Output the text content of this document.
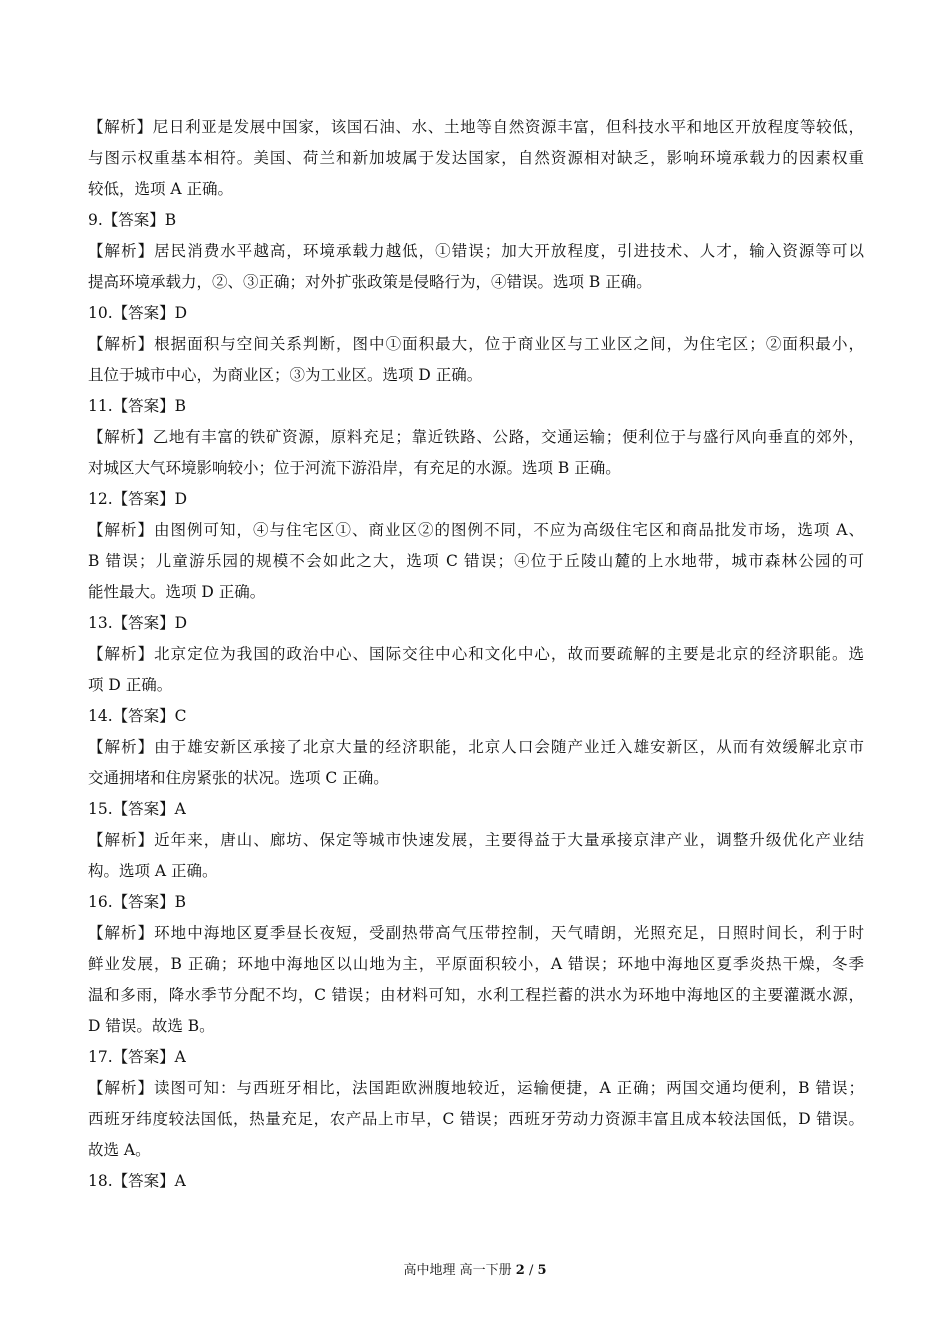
【解析】尼日利亚是发展中国家，该国石油、水、土地等自然资源丰富，但科技水平和地区开放程度等较低，
与图示权重基本相符。美国、荷兰和新加坡属于发达国家，自然资源相对缺乏，影响环境承载力的因素权重
较低，选项 A 正确。
9.【答案】B
【解析】居民消费水平越高，环境承载力越低，①错误；加大开放程度，引进技术、人才，输入资源等可以
提高环境承载力，②、③正确；对外扩张政策是侵略行为，④错误。选项 B 正确。
10.【答案】D
【解析】根据面积与空间关系判断，图中①面积最大，位于商业区与工业区之间，为住宅区；②面积最小，
且位于城市中心，为商业区；③为工业区。选项 D 正确。
11.【答案】B
【解析】乙地有丰富的铁矿资源，原料充足；靠近铁路、公路，交通运输；便利位于与盛行风向垂直的郊外，
对城区大气环境影响较小；位于河流下游沿岸，有充足的水源。选项 B 正确。
12.【答案】D
【解析】由图例可知，④与住宅区①、商业区②的图例不同，不应为高级住宅区和商品批发市场，选项 A、
B 错误；儿童游乐园的规模不会如此之大，选项 C 错误；④位于丘陵山麓的上水地带，城市森林公园的可
能性最大。选项 D 正确。
13.【答案】D
【解析】北京定位为我国的政治中心、国际交往中心和文化中心，故而要疏解的主要是北京的经济职能。选
项 D 正确。
14.【答案】C
【解析】由于雄安新区承接了北京大量的经济职能，北京人口会随产业迁入雄安新区，从而有效缓解北京市
交通拥堵和住房紧张的状况。选项 C 正确。
15.【答案】A
【解析】近年来，唐山、廊坊、保定等城市快速发展，主要得益于大量承接京津产业，调整升级优化产业结
构。选项 A 正确。
16.【答案】B
【解析】环地中海地区夏季昼长夜短，受副热带高气压带控制，天气晴朗，光照充足，日照时间长，利于时
鲜业发展，B 正确；环地中海地区以山地为主，平原面积较小，A 错误；环地中海地区夏季炎热干燥，冬季
温和多雨，降水季节分配不均，C 错误；由材料可知，水利工程拦蓄的洪水为环地中海地区的主要灌溉水源，
D 错误。故选 B。
17.【答案】A
【解析】读图可知：与西班牙相比，法国距欧洲腹地较近，运输便捷，A 正确；两国交通均便利，B 错误；
西班牙纬度较法国低，热量充足，农产品上市早，C 错误；西班牙劳动力资源丰富且成本较法国低，D 错误。
故选 A。
18.【答案】A
高中地理 高一下册 2 / 5
